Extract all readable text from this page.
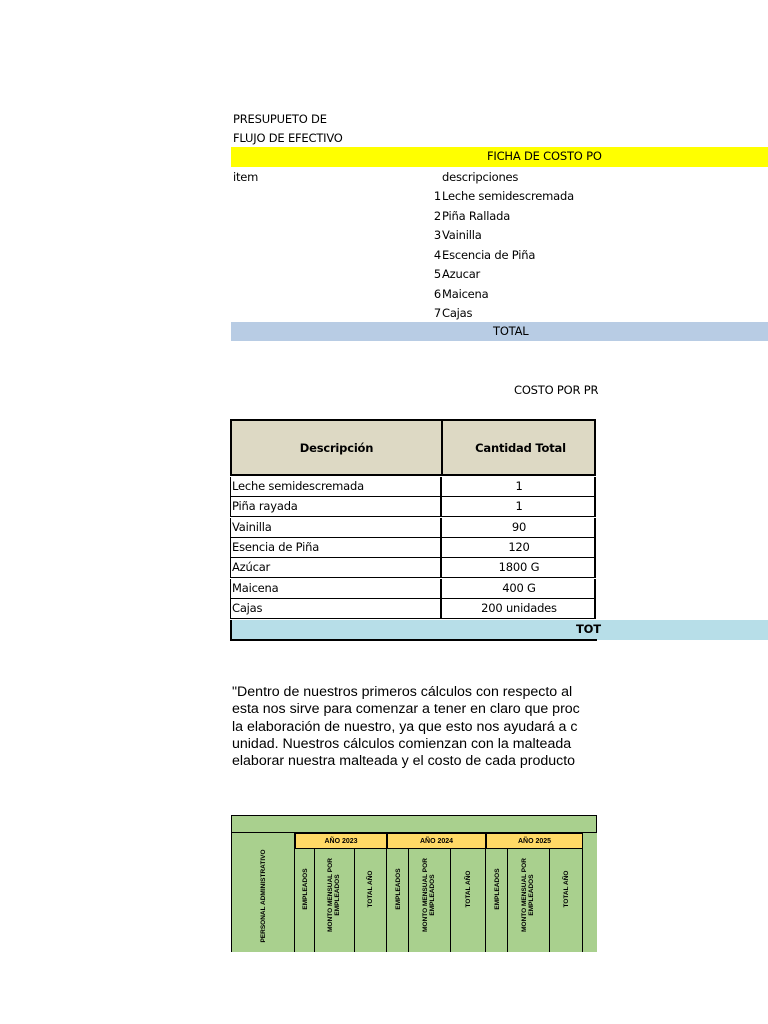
PRESUPUETO DE
FLUJO DE EFECTIVO
FICHA DE COSTO PO
item	descripciones
1 Leche semidescremada
2 Piña Rallada
3 Vainilla
4 Escencia de Piña
5 Azucar
6 Maicena
7 Cajas
TOTAL
COSTO POR PR
Descripción	Cantidad Total
Leche semidescremada	1
Piña rayada	1
Vainilla	90
Esencia de Piña	120
Azúcar	1800 G
Maicena	400 G
Cajas	200 unidades
TOT
"Dentro de nuestros primeros cálculos con respecto al
esta nos sirve para comenzar a tener en claro que proc
la elaboración de nuestro, ya que esto nos ayudará a c
unidad. Nuestros cálculos comienzan con la malteada
elaborar nuestra malteada y el costo de cada producto
PERSONAL ADMINISTRATIVO
AÑO 2023	AÑO 2024	AÑO 2025
EMPLEADOS	MONTO MENSUAL POR EMPLEADOS	TOTAL AÑO	EMPLEADOS	MONTO MENSUAL POR EMPLEADOS	TOTAL AÑO	EMPLEADOS	MONTO MENSUAL POR EMPLEADOS	TOTAL AÑO
